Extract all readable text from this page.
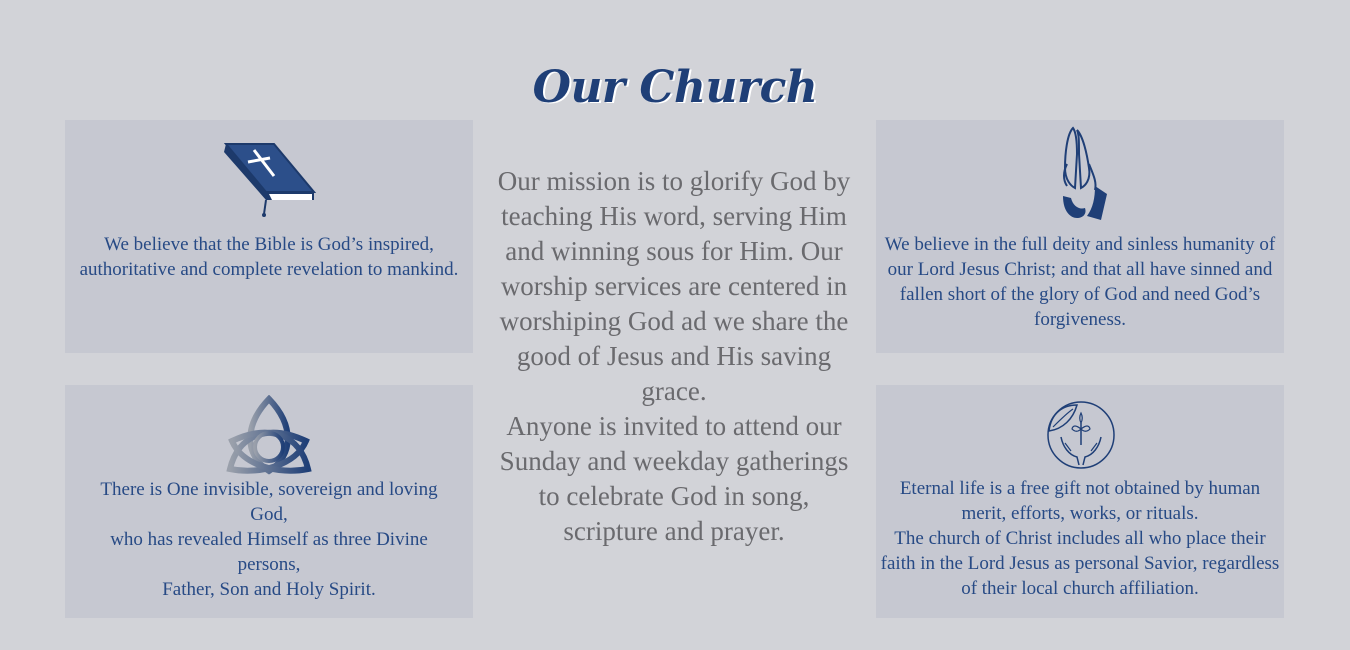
Our Church
We believe that the Bible is God’s inspired, authoritative and complete revelation to mankind.
There is One invisible, sovereign and loving God,
who has revealed Himself as three Divine persons,
Father, Son and Holy Spirit.
Our mission is to glorify God by teaching His word, serving Him and winning sous for Him. Our worship services are centered in worshiping God ad we share the good of Jesus and His saving grace.
Anyone is invited to attend our Sunday and weekday gatherings to celebrate God in song, scripture and prayer.
We believe in the full deity and sinless humanity of our Lord Jesus Christ; and that all have sinned and fallen short of the glory of God and need God’s forgiveness.
Eternal life is a free gift not obtained by human merit, efforts, works, or rituals.
The church of Christ includes all who place their faith in the Lord Jesus as personal Savior, regardless of their local church affiliation.
